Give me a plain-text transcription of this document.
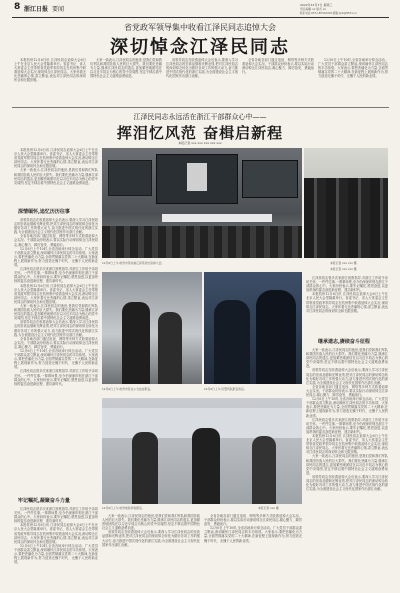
8 浙江日报 要闻
2022年12月7日 星期三
责任编辑 xx 版式 xx
联系电话:0571-85310476 邮箱:zjrb@8531.cn
省党政军领导集中收看江泽民同志追悼大会
深切悼念江泽民同志

本报杭州12月6日讯 江泽民同志追悼大会6日上午在北京人民大会堂隆重举行。省委书记、省人大常委会主任带领省党政军领导同志在杭州集中收看追悼大会实况,深切悼念江泽民同志。大家怀着无比悲痛的心情,肃立默哀,表达对江泽民同志的深切怀念和无限崇敬。

大家一致表示,江泽民同志的逝世,是我们党和我们军队和我国各族人民的巨大损失。我们要化悲痛为力量,继承江泽民同志的遗志,更加紧密地团结在以习近平同志为核心的党中央周围,坚定不移沿着中国特色社会主义道路奋勇前进。

省领导同志在收看追悼大会后表示,要深入学习江泽民同志的崇高品德和光辉业绩,把对江泽民同志的深切悼念转化为做好各项工作的强大动力,奋力推进中国式现代化的浙江实践,为全面建设社会主义现代化国家作出浙江贡献。

全省各地各部门通过电视、网络等多种方式收看追悼大会实况。干部群众纷纷表示,要以实际行动深切悼念江泽民同志,凝心聚力、踔厉奋发、勇毅前行。

12月6日上午10时,全省各地举行悼念活动。广大党员干部群众肃立默哀,深切缅怀江泽民同志的丰功伟绩。大家表示,要把悲痛化为力量,全面贯彻落实党的二十大精神,在新征程上展现新作为,努力创造无愧于时代、无愧于人民的新业绩。

江泽民同志永远活在浙江干部群众心中——
挥泪忆风范 奋楫启新程
本报记者 xxx xxx xxx xxx xxx

本报杭州12月6日讯 江泽民同志追悼大会6日上午在北京人民大会堂隆重举行。省委书记、省人大常委会主任带领省党政军领导同志在杭州集中收看追悼大会实况,深切悼念江泽民同志。大家怀着无比悲痛的心情,肃立默哀,表达对江泽民同志的深切怀念和无限崇敬。

大家一致表示,江泽民同志的逝世,是我们党和我们军队和我国各族人民的巨大损失。我们要化悲痛为力量,继承江泽民同志的遗志,更加紧密地团结在以习近平同志为核心的党中央周围,坚定不移沿着中国特色社会主义道路奋勇前进。

深情缅怀,追忆历历往事

省领导同志在收看追悼大会后表示,要深入学习江泽民同志的崇高品德和光辉业绩,把对江泽民同志的深切悼念转化为做好各项工作的强大动力,奋力推进中国式现代化的浙江实践,为全面建设社会主义现代化国家作出浙江贡献。

全省各地各部门通过电视、网络等多种方式收看追悼大会实况。干部群众纷纷表示,要以实际行动深切悼念江泽民同志,凝心聚力、踔厉奋发、勇毅前行。

12月6日上午10时,全省各地举行悼念活动。广大党员干部群众肃立默哀,深切缅怀江泽民同志的丰功伟绩。大家表示,要把悲痛化为力量,全面贯彻落实党的二十大精神,在新征程上展现新作为,努力创造无愧于时代、无愧于人民的新业绩。

江泽民同志曾多次来浙江视察指导,对浙江工作给予亲切关怀。一件件往事,一幕幕场景,至今仍深深印刻在浙江干部群众的心中。大家纷纷表示,要牢记嘱托,感恩奋进,以更加昂扬的姿态奋进新征程、建功新时代。

本报杭州12月6日讯 江泽民同志追悼大会6日上午在北京人民大会堂隆重举行。省委书记、省人大常委会主任带领省党政军领导同志在杭州集中收看追悼大会实况,深切悼念江泽民同志。大家怀着无比悲痛的心情,肃立默哀,表达对江泽民同志的深切怀念和无限崇敬。

大家一致表示,江泽民同志的逝世,是我们党和我们军队和我国各族人民的巨大损失。我们要化悲痛为力量,继承江泽民同志的遗志,更加紧密地团结在以习近平同志为核心的党中央周围,坚定不移沿着中国特色社会主义道路奋勇前进。

省领导同志在收看追悼大会后表示,要深入学习江泽民同志的崇高品德和光辉业绩,把对江泽民同志的深切悼念转化为做好各项工作的强大动力,奋力推进中国式现代化的浙江实践,为全面建设社会主义现代化国家作出浙江贡献。

全省各地各部门通过电视、网络等多种方式收看追悼大会实况。干部群众纷纷表示,要以实际行动深切悼念江泽民同志,凝心聚力、踔厉奋发、勇毅前行。

12月6日上午10时,全省各地举行悼念活动。广大党员干部群众肃立默哀,深切缅怀江泽民同志的丰功伟绩。大家表示,要把悲痛化为力量,全面贯彻落实党的二十大精神,在新征程上展现新作为,努力创造无愧于时代、无愧于人民的新业绩。

江泽民同志曾多次来浙江视察指导,对浙江工作给予亲切关怀。一件件往事,一幕幕场景,至今仍深深印刻在浙江干部群众的心中。大家纷纷表示,要牢记嘱托,感恩奋进,以更加昂扬的姿态奋进新征程、建功新时代。

牢记嘱托,凝聚奋斗力量

江泽民同志曾多次来浙江视察指导,对浙江工作给予亲切关怀。一件件往事,一幕幕场景,至今仍深深印刻在浙江干部群众的心中。大家纷纷表示,要牢记嘱托,感恩奋进,以更加昂扬的姿态奋进新征程、建功新时代。

本报杭州12月6日讯 江泽民同志追悼大会6日上午在北京人民大会堂隆重举行。省委书记、省人大常委会主任带领省党政军领导同志在杭州集中收看追悼大会实况,深切悼念江泽民同志。大家怀着无比悲痛的心情,肃立默哀,表达对江泽民同志的深切怀念和无限崇敬。

12月6日上午10时,全省各地举行悼念活动。广大党员干部群众肃立默哀,深切缅怀江泽民同志的丰功伟绩。大家表示,要把悲痛化为力量,全面贯彻落实党的二十大精神,在新征程上展现新作为,努力创造无愧于时代、无愧于人民的新业绩。

12月6日上午,杭州市民收看江泽民同志追悼大会。	本报记者 xxx xxx 摄
12月6日上午,杭州市民在公交站台默哀。	12月6日上午,民警列队默哀致哀。
12月6日上午,杭州地铁乘客默哀。	本报记者 xxx 摄

大家一致表示,江泽民同志的逝世,是我们党和我们军队和我国各族人民的巨大损失。我们要化悲痛为力量,继承江泽民同志的遗志,更加紧密地团结在以习近平同志为核心的党中央周围,坚定不移沿着中国特色社会主义道路奋勇前进。

省领导同志在收看追悼大会后表示,要深入学习江泽民同志的崇高品德和光辉业绩,把对江泽民同志的深切悼念转化为做好各项工作的强大动力,奋力推进中国式现代化的浙江实践,为全面建设社会主义现代化国家作出浙江贡献。

全省各地各部门通过电视、网络等多种方式收看追悼大会实况。干部群众纷纷表示,要以实际行动深切悼念江泽民同志,凝心聚力、踔厉奋发、勇毅前行。

12月6日上午10时,全省各地举行悼念活动。广大党员干部群众肃立默哀,深切缅怀江泽民同志的丰功伟绩。大家表示,要把悲痛化为力量,全面贯彻落实党的二十大精神,在新征程上展现新作为,努力创造无愧于时代、无愧于人民的新业绩。

本报记者 xxx xxx 摄

江泽民同志曾多次来浙江视察指导,对浙江工作给予亲切关怀。一件件往事,一幕幕场景,至今仍深深印刻在浙江干部群众的心中。大家纷纷表示,要牢记嘱托,感恩奋进,以更加昂扬的姿态奋进新征程、建功新时代。

本报杭州12月6日讯 江泽民同志追悼大会6日上午在北京人民大会堂隆重举行。省委书记、省人大常委会主任带领省党政军领导同志在杭州集中收看追悼大会实况,深切悼念江泽民同志。大家怀着无比悲痛的心情,肃立默哀,表达对江泽民同志的深切怀念和无限崇敬。

继承遗志,赓续奋斗征程

大家一致表示,江泽民同志的逝世,是我们党和我们军队和我国各族人民的巨大损失。我们要化悲痛为力量,继承江泽民同志的遗志,更加紧密地团结在以习近平同志为核心的党中央周围,坚定不移沿着中国特色社会主义道路奋勇前进。

省领导同志在收看追悼大会后表示,要深入学习江泽民同志的崇高品德和光辉业绩,把对江泽民同志的深切悼念转化为做好各项工作的强大动力,奋力推进中国式现代化的浙江实践,为全面建设社会主义现代化国家作出浙江贡献。

全省各地各部门通过电视、网络等多种方式收看追悼大会实况。干部群众纷纷表示,要以实际行动深切悼念江泽民同志,凝心聚力、踔厉奋发、勇毅前行。

12月6日上午10时,全省各地举行悼念活动。广大党员干部群众肃立默哀,深切缅怀江泽民同志的丰功伟绩。大家表示,要把悲痛化为力量,全面贯彻落实党的二十大精神,在新征程上展现新作为,努力创造无愧于时代、无愧于人民的新业绩。

江泽民同志曾多次来浙江视察指导,对浙江工作给予亲切关怀。一件件往事,一幕幕场景,至今仍深深印刻在浙江干部群众的心中。大家纷纷表示,要牢记嘱托,感恩奋进,以更加昂扬的姿态奋进新征程、建功新时代。

本报杭州12月6日讯 江泽民同志追悼大会6日上午在北京人民大会堂隆重举行。省委书记、省人大常委会主任带领省党政军领导同志在杭州集中收看追悼大会实况,深切悼念江泽民同志。大家怀着无比悲痛的心情,肃立默哀,表达对江泽民同志的深切怀念和无限崇敬。

大家一致表示,江泽民同志的逝世,是我们党和我们军队和我国各族人民的巨大损失。我们要化悲痛为力量,继承江泽民同志的遗志,更加紧密地团结在以习近平同志为核心的党中央周围,坚定不移沿着中国特色社会主义道路奋勇前进。

省领导同志在收看追悼大会后表示,要深入学习江泽民同志的崇高品德和光辉业绩,把对江泽民同志的深切悼念转化为做好各项工作的强大动力,奋力推进中国式现代化的浙江实践,为全面建设社会主义现代化国家作出浙江贡献。
